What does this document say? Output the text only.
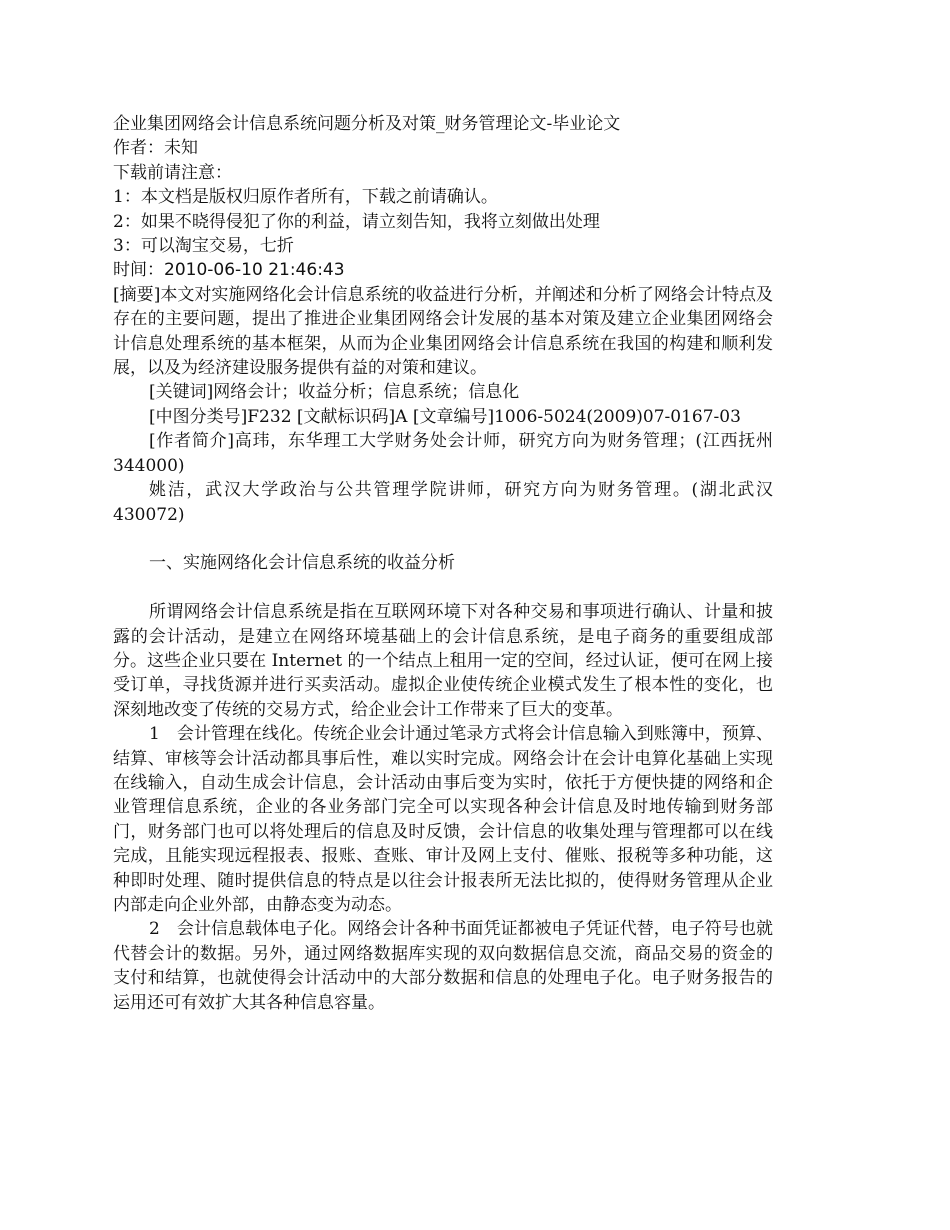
企业集团网络会计信息系统问题分析及对策_财务管理论文-毕业论文

作者：未知

下载前请注意：

1：本文档是版权归原作者所有，下载之前请确认。

2：如果不晓得侵犯了你的利益，请立刻告知，我将立刻做出处理

3：可以淘宝交易，七折

时间：2010-06-10 21:46:43

[摘要]本文对实施网络化会计信息系统的收益进行分析，并阐述和分析了网络会计特点及存在的主要问题，提出了推进企业集团网络会计发展的基本对策及建立企业集团网络会计信息处理系统的基本框架，从而为企业集团网络会计信息系统在我国的构建和顺利发展，以及为经济建设服务提供有益的对策和建议。

[关键词]网络会计；收益分析；信息系统；信息化

[中图分类号]F232 [文献标识码]A [文章编号]1006-5024(2009)07-0167-03

[作者简介]高玮，东华理工大学财务处会计师，研究方向为财务管理；(江西抚州 344000)

姚洁，武汉大学政治与公共管理学院讲师，研究方向为财务管理。(湖北武汉 430072)

一、实施网络化会计信息系统的收益分析

所谓网络会计信息系统是指在互联网环境下对各种交易和事项进行确认、计量和披露的会计活动，是建立在网络环境基础上的会计信息系统，是电子商务的重要组成部分。这些企业只要在 Internet 的一个结点上租用一定的空间，经过认证，便可在网上接受订单，寻找货源并进行买卖活动。虚拟企业使传统企业模式发生了根本性的变化，也深刻地改变了传统的交易方式，给企业会计工作带来了巨大的变革。

1　会计管理在线化。传统企业会计通过笔录方式将会计信息输入到账簿中，预算、结算、审核等会计活动都具事后性，难以实时完成。网络会计在会计电算化基础上实现在线输入，自动生成会计信息，会计活动由事后变为实时，依托于方便快捷的网络和企业管理信息系统，企业的各业务部门完全可以实现各种会计信息及时地传输到财务部门，财务部门也可以将处理后的信息及时反馈，会计信息的收集处理与管理都可以在线完成，且能实现远程报表、报账、查账、审计及网上支付、催账、报税等多种功能，这种即时处理、随时提供信息的特点是以往会计报表所无法比拟的，使得财务管理从企业内部走向企业外部，由静态变为动态。

2　会计信息载体电子化。网络会计各种书面凭证都被电子凭证代替，电子符号也就代替会计的数据。另外，通过网络数据库实现的双向数据信息交流，商品交易的资金的支付和结算，也就使得会计活动中的大部分数据和信息的处理电子化。电子财务报告的运用还可有效扩大其各种信息容量。
